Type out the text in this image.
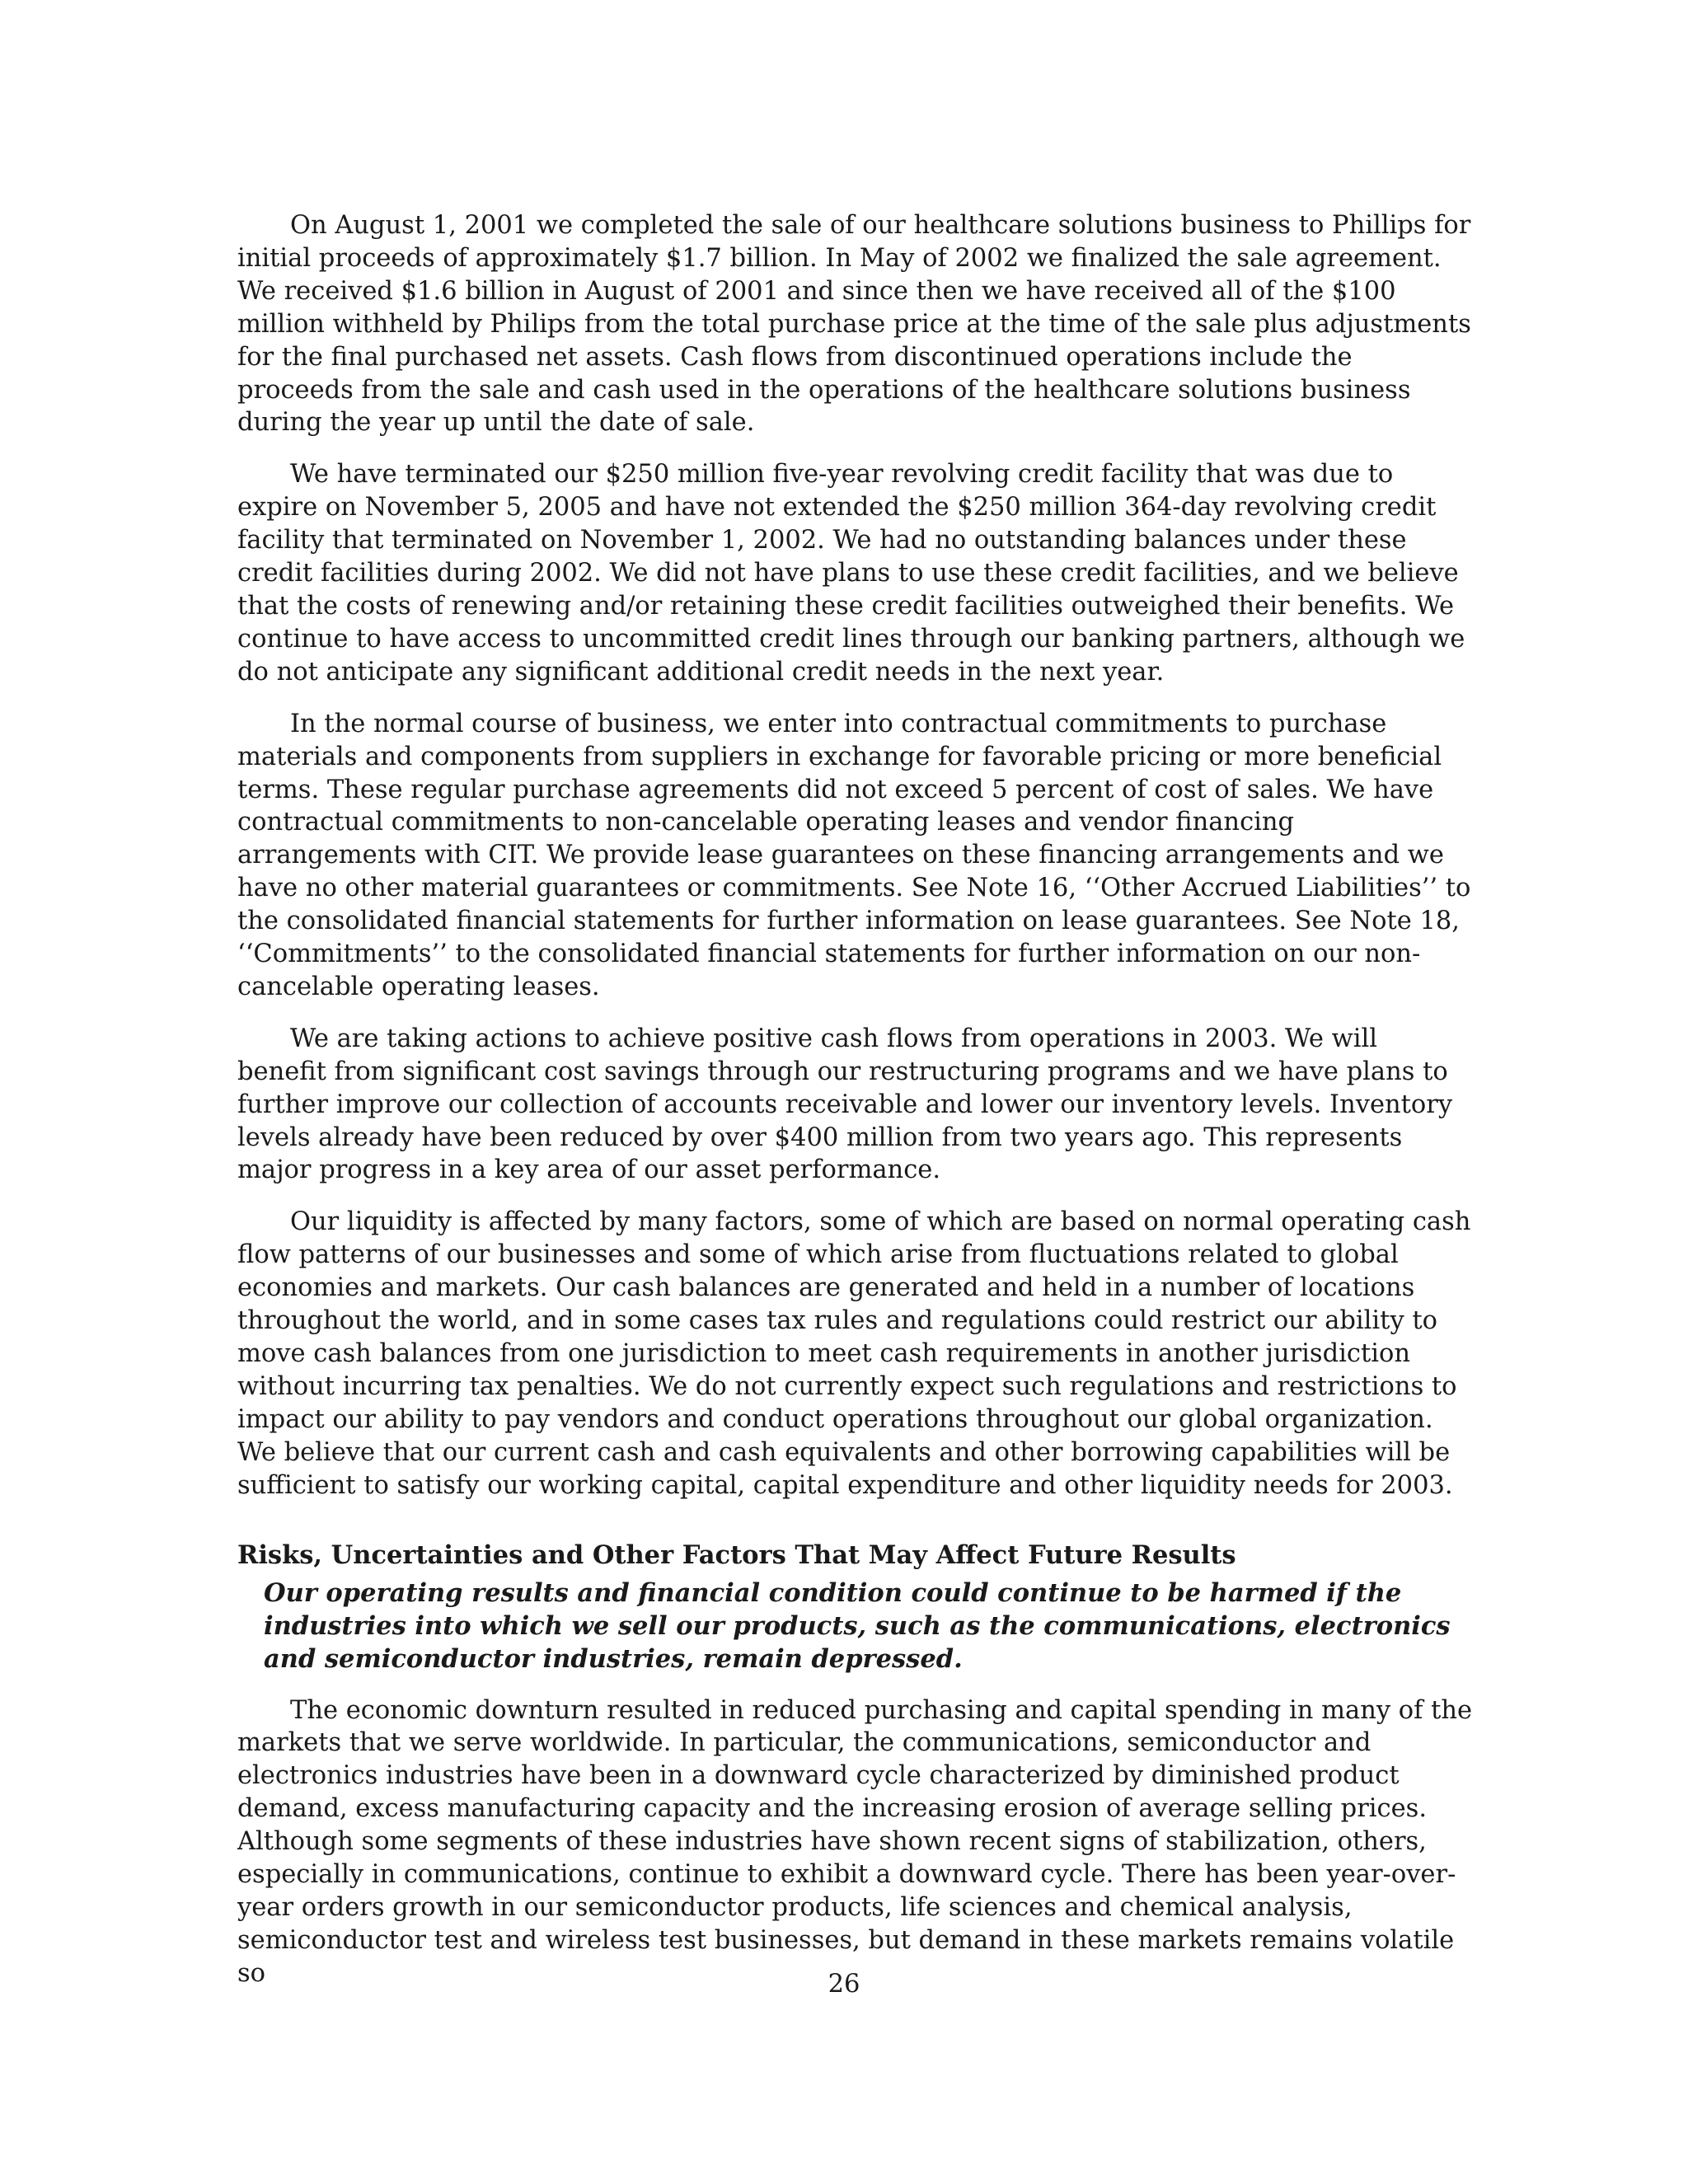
On August 1, 2001 we completed the sale of our healthcare solutions business to Phillips for initial proceeds of approximately $1.7 billion. In May of 2002 we finalized the sale agreement. We received $1.6 billion in August of 2001 and since then we have received all of the $100 million withheld by Philips from the total purchase price at the time of the sale plus adjustments for the final purchased net assets. Cash flows from discontinued operations include the proceeds from the sale and cash used in the operations of the healthcare solutions business during the year up until the date of sale.

We have terminated our $250 million five-year revolving credit facility that was due to expire on November 5, 2005 and have not extended the $250 million 364-day revolving credit facility that terminated on November 1, 2002. We had no outstanding balances under these credit facilities during 2002. We did not have plans to use these credit facilities, and we believe that the costs of renewing and/or retaining these credit facilities outweighed their benefits. We continue to have access to uncommitted credit lines through our banking partners, although we do not anticipate any significant additional credit needs in the next year.

In the normal course of business, we enter into contractual commitments to purchase materials and components from suppliers in exchange for favorable pricing or more beneficial terms. These regular purchase agreements did not exceed 5 percent of cost of sales. We have contractual commitments to non-cancelable operating leases and vendor financing arrangements with CIT. We provide lease guarantees on these financing arrangements and we have no other material guarantees or commitments. See Note 16, ‘‘Other Accrued Liabilities’’ to the consolidated financial statements for further information on lease guarantees. See Note 18, ‘‘Commitments’’ to the consolidated financial statements for further information on our non-cancelable operating leases.

We are taking actions to achieve positive cash flows from operations in 2003. We will benefit from significant cost savings through our restructuring programs and we have plans to further improve our collection of accounts receivable and lower our inventory levels. Inventory levels already have been reduced by over $400 million from two years ago. This represents major progress in a key area of our asset performance.

Our liquidity is affected by many factors, some of which are based on normal operating cash flow patterns of our businesses and some of which arise from fluctuations related to global economies and markets. Our cash balances are generated and held in a number of locations throughout the world, and in some cases tax rules and regulations could restrict our ability to move cash balances from one jurisdiction to meet cash requirements in another jurisdiction without incurring tax penalties. We do not currently expect such regulations and restrictions to impact our ability to pay vendors and conduct operations throughout our global organization. We believe that our current cash and cash equivalents and other borrowing capabilities will be sufficient to satisfy our working capital, capital expenditure and other liquidity needs for 2003.

Risks, Uncertainties and Other Factors That May Affect Future Results
Our operating results and financial condition could continue to be harmed if the industries into which we sell our products, such as the communications, electronics and semiconductor industries, remain depressed.

The economic downturn resulted in reduced purchasing and capital spending in many of the markets that we serve worldwide. In particular, the communications, semiconductor and electronics industries have been in a downward cycle characterized by diminished product demand, excess manufacturing capacity and the increasing erosion of average selling prices. Although some segments of these industries have shown recent signs of stabilization, others, especially in communications, continue to exhibit a downward cycle. There has been year-over-year orders growth in our semiconductor products, life sciences and chemical analysis, semiconductor test and wireless test businesses, but demand in these markets remains volatile so	26
